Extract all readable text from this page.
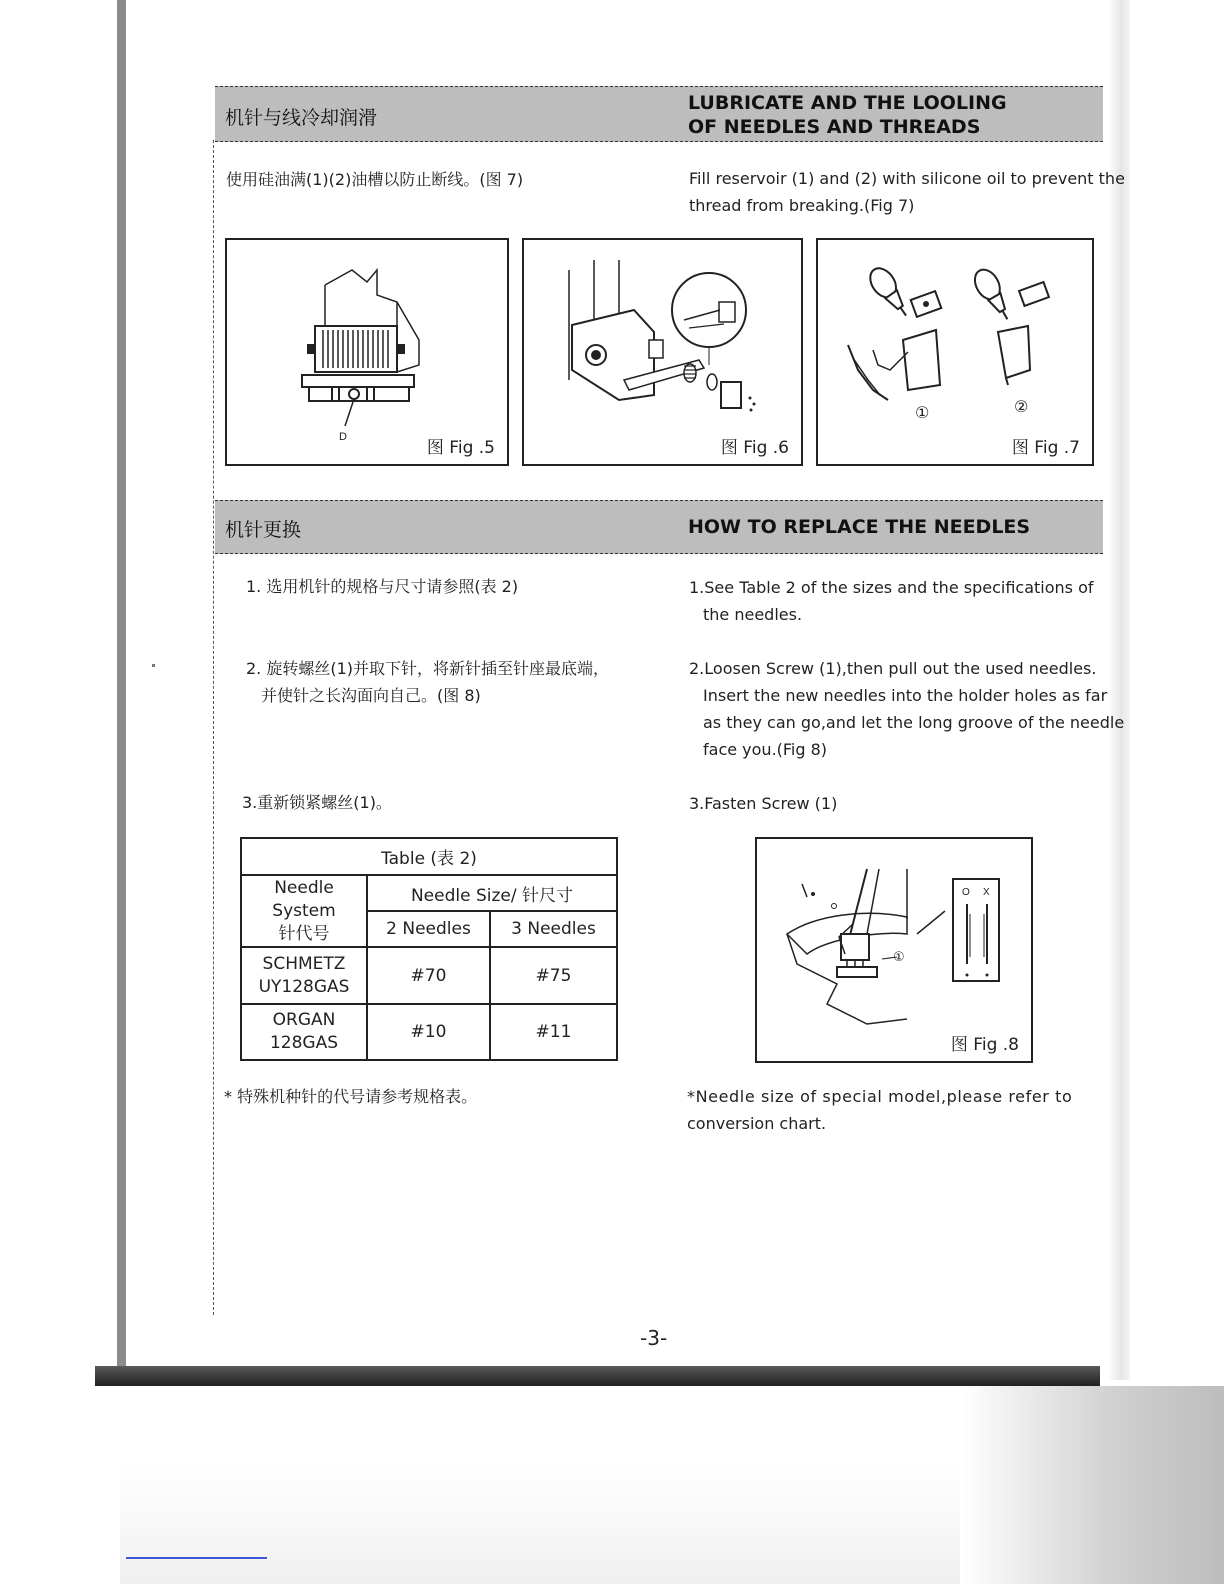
机针与线冷却润滑
LUBRICATE AND THE LOOLING
OF NEEDLES AND THREADS
使用硅油满(1)(2)油槽以防止断线。(图 7)	Fill reservoir (1) and (2) with silicone oil to prevent the
thread from breaking.(Fig 7)
D
图 Fig .5	图 Fig .6
①	②
图 Fig .7
机针更换	HOW TO REPLACE THE NEEDLES
1. 选用机针的规格与尺寸请参照(表 2)	1.See Table 2 of the sizes and the specifications of
the needles.
2. 旋转螺丝(1)并取下针，将新针插至针座最底端，
并使针之长沟面向自己。(图 8)
2.Loosen Screw (1),then pull out the used needles.
Insert the new needles into the holder holes as far
as they can go,and let the long groove of the needle
face you.(Fig 8)
3.重新锁紧螺丝(1)。	3.Fasten Screw (1)
Table (表 2)		

Needle
System
针代号	Needle Size/ 针尺寸	
	2 Needles	3 Needles

SCHMETZ
UY128GAS	#70	#75

ORGAN
128GAS	#10	#11
①
O X
图 Fig .8
* 特殊机种针的代号请参考规格表。	*Needle size of special model,please refer to
conversion chart.
-3-
